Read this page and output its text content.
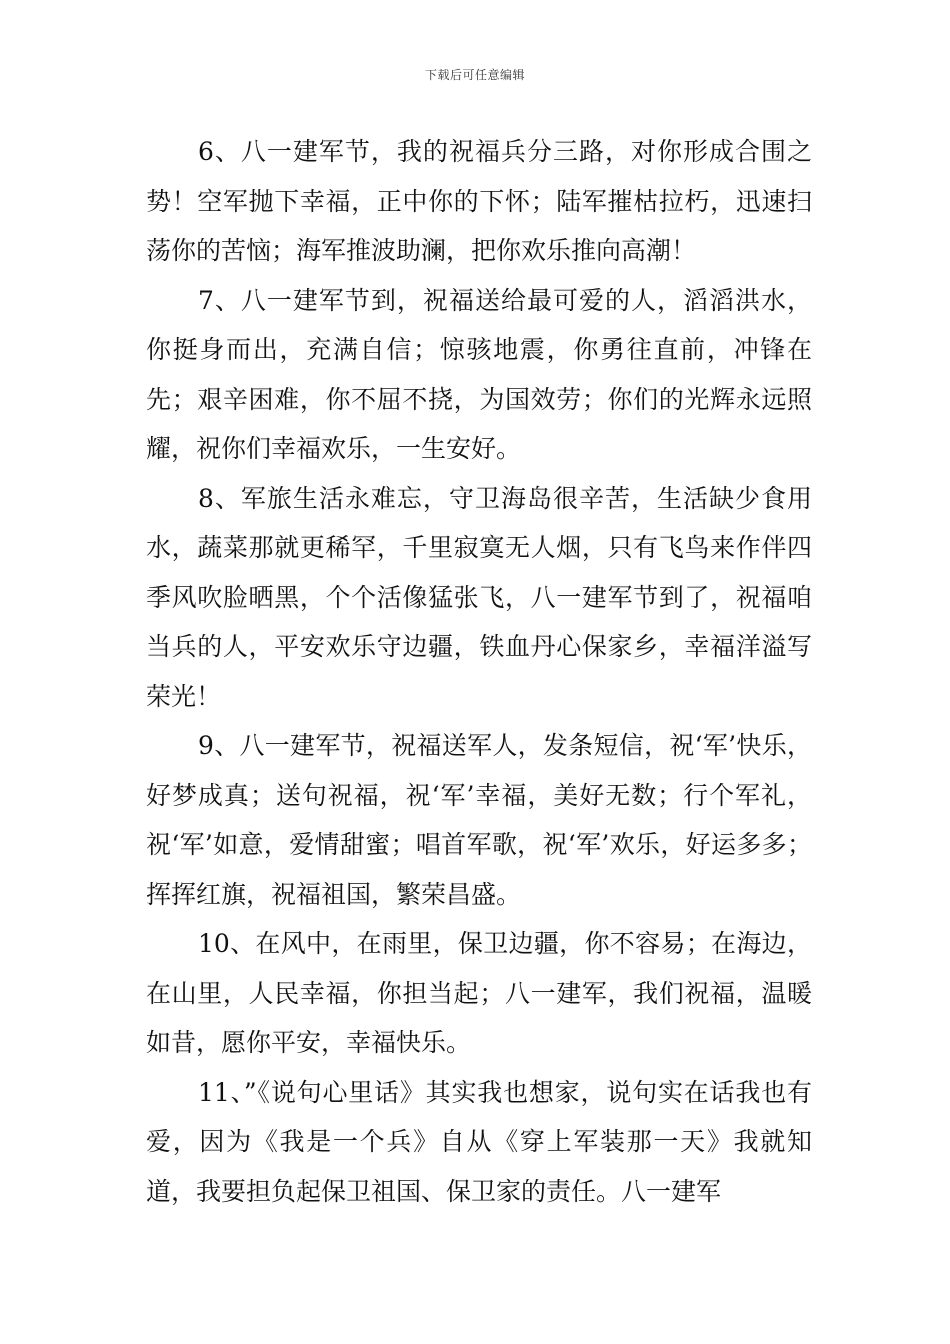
下载后可任意编辑

6、八一建军节，我的祝福兵分三路，对你形成合围之势！空军抛下幸福，正中你的下怀；陆军摧枯拉朽，迅速扫荡你的苦恼；海军推波助澜，把你欢乐推向高潮！

7、八一建军节到，祝福送给最可爱的人，滔滔洪水，你挺身而出，充满自信；惊骇地震，你勇往直前，冲锋在先；艰辛困难，你不屈不挠，为国效劳；你们的光辉永远照耀，祝你们幸福欢乐，一生安好。

8、军旅生活永难忘，守卫海岛很辛苦，生活缺少食用水，蔬菜那就更稀罕，千里寂寞无人烟，只有飞鸟来作伴四季风吹脸晒黑，个个活像猛张飞，八一建军节到了，祝福咱当兵的人，平安欢乐守边疆，铁血丹心保家乡，幸福洋溢写荣光！

9、八一建军节，祝福送军人，发条短信，祝‘军’快乐，好梦成真；送句祝福，祝‘军’幸福，美好无数；行个军礼，祝‘军’如意，爱情甜蜜；唱首军歌，祝‘军’欢乐，好运多多；挥挥红旗，祝福祖国，繁荣昌盛。

10、在风中，在雨里，保卫边疆，你不容易；在海边，在山里，人民幸福，你担当起；八一建军，我们祝福，温暖如昔，愿你平安，幸福快乐。

11、”《说句心里话》其实我也想家，说句实在话我也有爱，因为《我是一个兵》自从《穿上军装那一天》我就知道，我要担负起保卫祖国、保卫家的责任。八一建军
